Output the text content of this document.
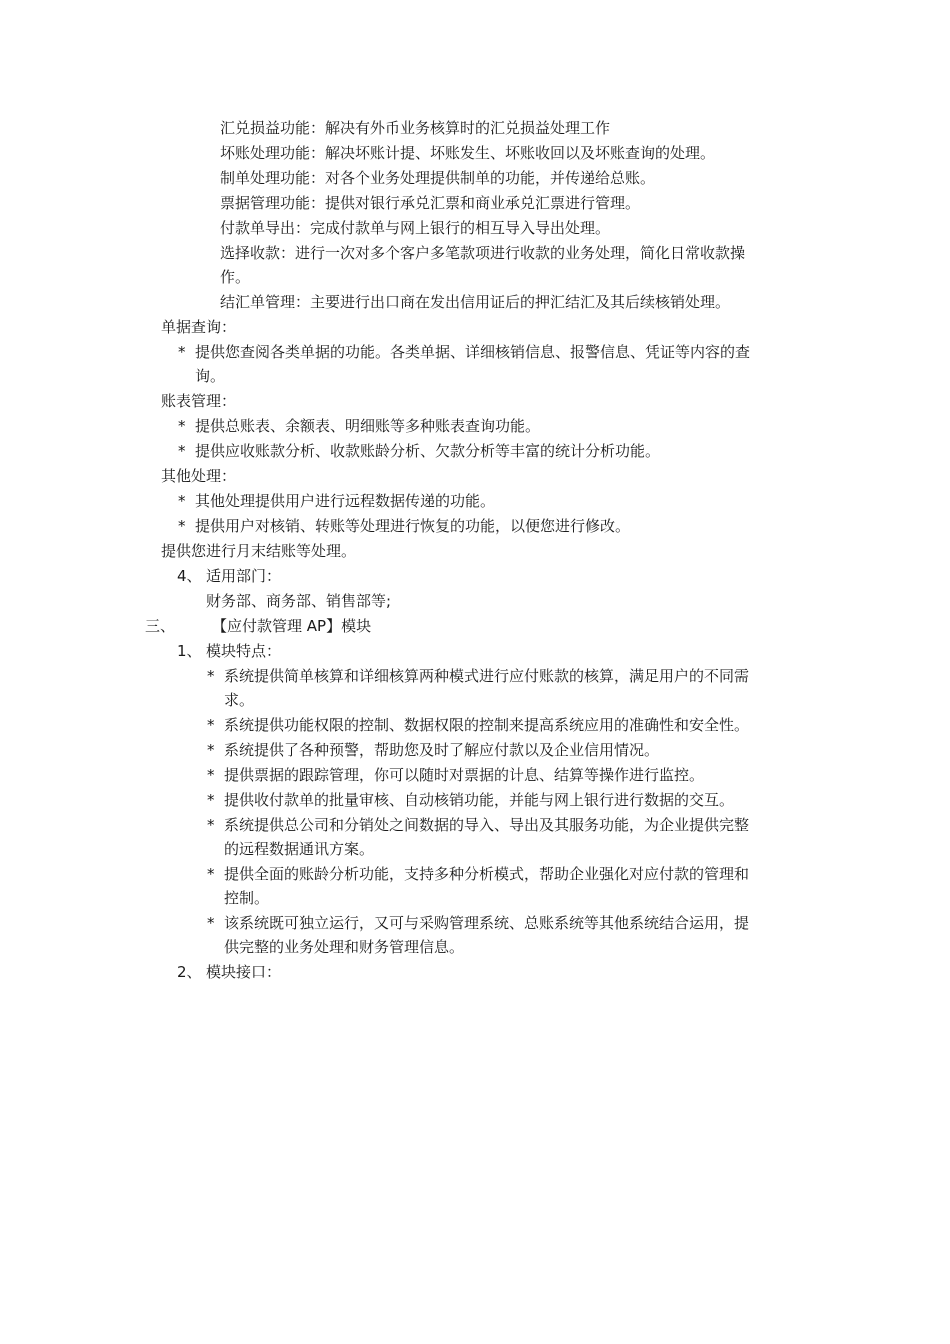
汇兑损益功能：解决有外币业务核算时的汇兑损益处理工作
坏账处理功能：解决坏账计提、坏账发生、坏账收回以及坏账查询的处理。
制单处理功能：对各个业务处理提供制单的功能，并传递给总账。
票据管理功能：提供对银行承兑汇票和商业承兑汇票进行管理。
付款单导出：完成付款单与网上银行的相互导入导出处理。
选择收款：进行一次对多个客户多笔款项进行收款的业务处理，简化日常收款操
作。
结汇单管理：主要进行出口商在发出信用证后的押汇结汇及其后续核销处理。
单据查询：
* 提供您查阅各类单据的功能。各类单据、详细核销信息、报警信息、凭证等内容的查
询。
账表管理：
* 提供总账表、余额表、明细账等多种账表查询功能。
* 提供应收账款分析、收款账龄分析、欠款分析等丰富的统计分析功能。
其他处理：
* 其他处理提供用户进行远程数据传递的功能。
* 提供用户对核销、转账等处理进行恢复的功能，以便您进行修改。
提供您进行月末结账等处理。
4、 适用部门：
财务部、商务部、销售部等;
三、 【应付款管理 AP】模块
1、 模块特点：
* 系统提供简单核算和详细核算两种模式进行应付账款的核算，满足用户的不同需
求。
* 系统提供功能权限的控制、数据权限的控制来提高系统应用的准确性和安全性。
* 系统提供了各种预警，帮助您及时了解应付款以及企业信用情况。
* 提供票据的跟踪管理，你可以随时对票据的计息、结算等操作进行监控。
* 提供收付款单的批量审核、自动核销功能，并能与网上银行进行数据的交互。
* 系统提供总公司和分销处之间数据的导入、导出及其服务功能，为企业提供完整
的远程数据通讯方案。
* 提供全面的账龄分析功能，支持多种分析模式，帮助企业强化对应付款的管理和
控制。
* 该系统既可独立运行，又可与采购管理系统、总账系统等其他系统结合运用，提
供完整的业务处理和财务管理信息。
2、 模块接口：
